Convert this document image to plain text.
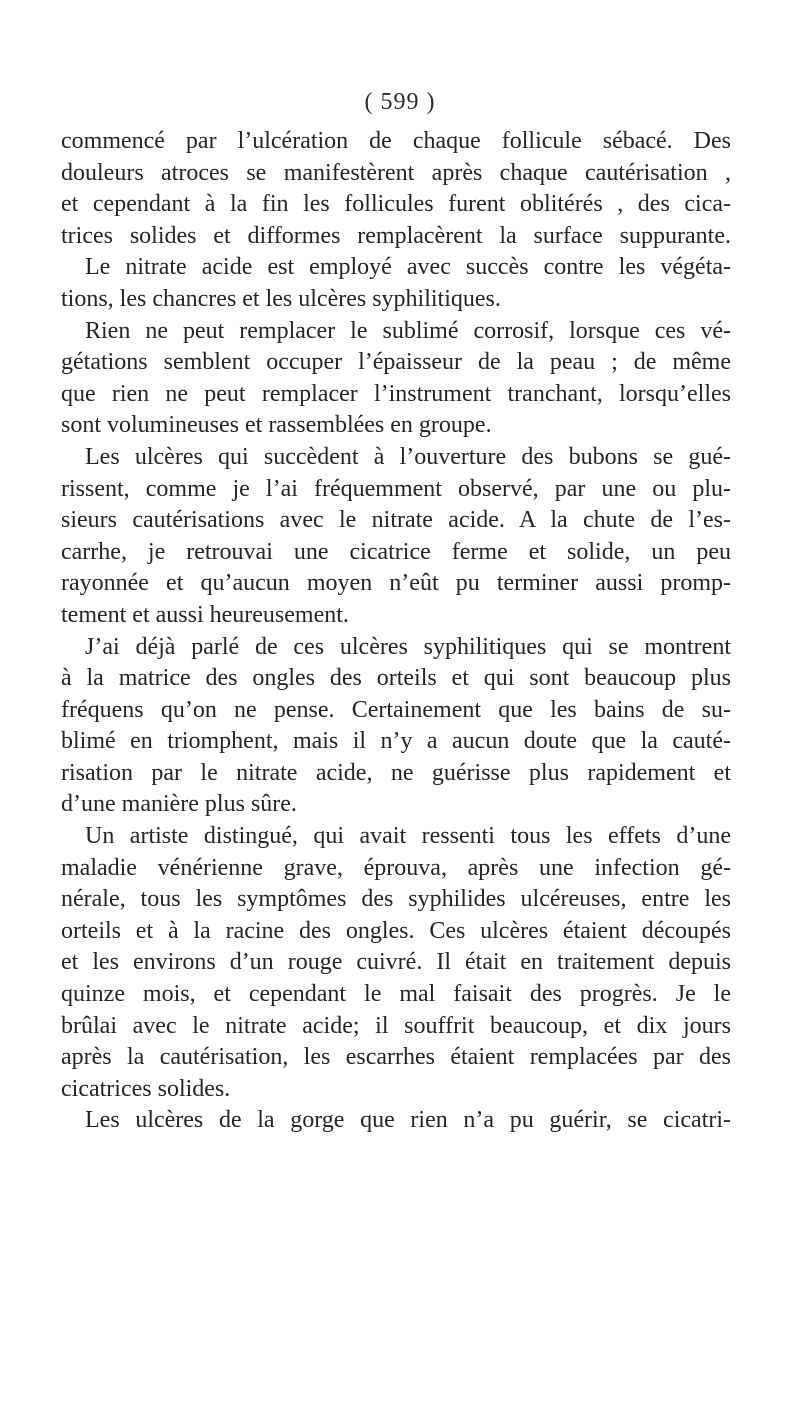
( 599 )
commencé par l’ulcération de chaque follicule sébacé. Des
douleurs atroces se manifestèrent après chaque cautérisation ,
et cependant à la fin les follicules furent oblitérés , des cica-
trices solides et difformes remplacèrent la surface suppurante.
Le nitrate acide est employé avec succès contre les végéta-
tions, les chancres et les ulcères syphilitiques.
Rien ne peut remplacer le sublimé corrosif, lorsque ces vé-
gétations semblent occuper l’épaisseur de la peau ; de même
que rien ne peut remplacer l’instrument tranchant, lorsqu’elles
sont volumineuses et rassemblées en groupe.
Les ulcères qui succèdent à l’ouverture des bubons se gué-
rissent, comme je l’ai fréquemment observé, par une ou plu-
sieurs cautérisations avec le nitrate acide. A la chute de l’es-
carrhe, je retrouvai une cicatrice ferme et solide, un peu
rayonnée et qu’aucun moyen n’eût pu terminer aussi promp-
tement et aussi heureusement.
J’ai déjà parlé de ces ulcères syphilitiques qui se montrent
à la matrice des ongles des orteils et qui sont beaucoup plus
fréquens qu’on ne pense. Certainement que les bains de su-
blimé en triomphent, mais il n’y a aucun doute que la cauté-
risation par le nitrate acide, ne guérisse plus rapidement et
d’une manière plus sûre.
Un artiste distingué, qui avait ressenti tous les effets d’une
maladie vénérienne grave, éprouva, après une infection gé-
nérale, tous les symptômes des syphilides ulcéreuses, entre les
orteils et à la racine des ongles. Ces ulcères étaient découpés
et les environs d’un rouge cuivré. Il était en traitement depuis
quinze mois, et cependant le mal faisait des progrès. Je le
brûlai avec le nitrate acide; il souffrit beaucoup, et dix jours
après la cautérisation, les escarrhes étaient remplacées par des
cicatrices solides.
Les ulcères de la gorge que rien n’a pu guérir, se cicatri-
